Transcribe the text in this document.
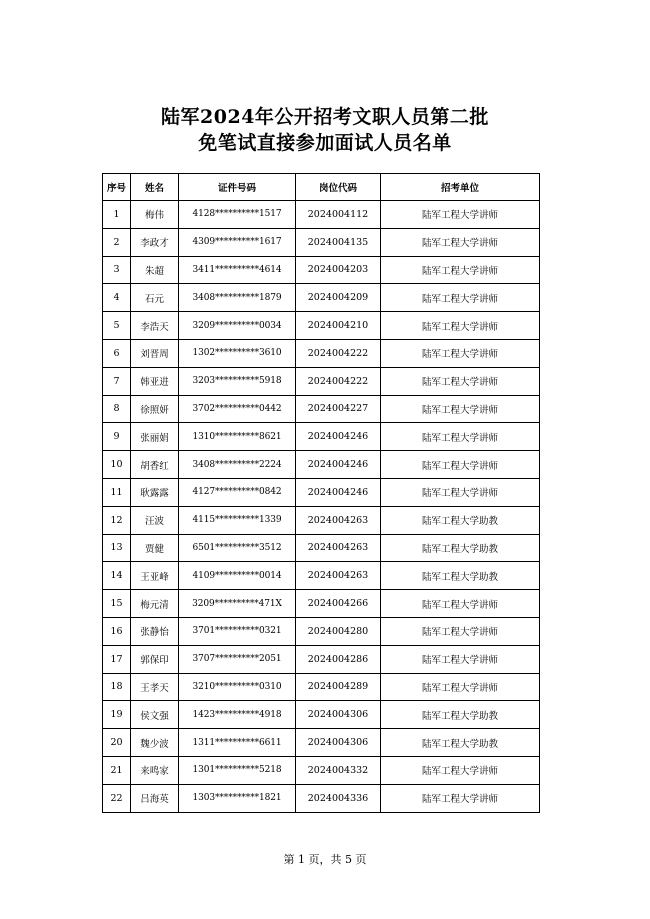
陆军2024年公开招考文职人员第二批
免笔试直接参加面试人员名单
序号	姓名	证件号码	岗位代码	招考单位
1	梅伟	4128**********1517	2024004112	陆军工程大学讲师
2	李政才	4309**********1617	2024004135	陆军工程大学讲师
3	朱超	3411**********4614	2024004203	陆军工程大学讲师
4	石元	3408**********1879	2024004209	陆军工程大学讲师
5	李浩天	3209**********0034	2024004210	陆军工程大学讲师
6	刘晋周	1302**********3610	2024004222	陆军工程大学讲师
7	韩亚进	3203**********5918	2024004222	陆军工程大学讲师
8	徐照妍	3702**********0442	2024004227	陆军工程大学讲师
9	张丽娟	1310**********8621	2024004246	陆军工程大学讲师
10	胡香红	3408**********2224	2024004246	陆军工程大学讲师
11	耿露露	4127**********0842	2024004246	陆军工程大学讲师
12	汪波	4115**********1339	2024004263	陆军工程大学助教
13	贾健	6501**********3512	2024004263	陆军工程大学助教
14	王亚峰	4109**********0014	2024004263	陆军工程大学助教
15	梅元清	3209**********471X	2024004266	陆军工程大学讲师
16	张静怡	3701**********0321	2024004280	陆军工程大学讲师
17	郭保印	3707**********2051	2024004286	陆军工程大学讲师
18	王孝天	3210**********0310	2024004289	陆军工程大学讲师
19	侯文强	1423**********4918	2024004306	陆军工程大学助教
20	魏少波	1311**********6611	2024004306	陆军工程大学助教
21	来鸣家	1301**********5218	2024004332	陆军工程大学讲师
22	吕海英	1303**********1821	2024004336	陆军工程大学讲师
第 1 页，共 5 页
